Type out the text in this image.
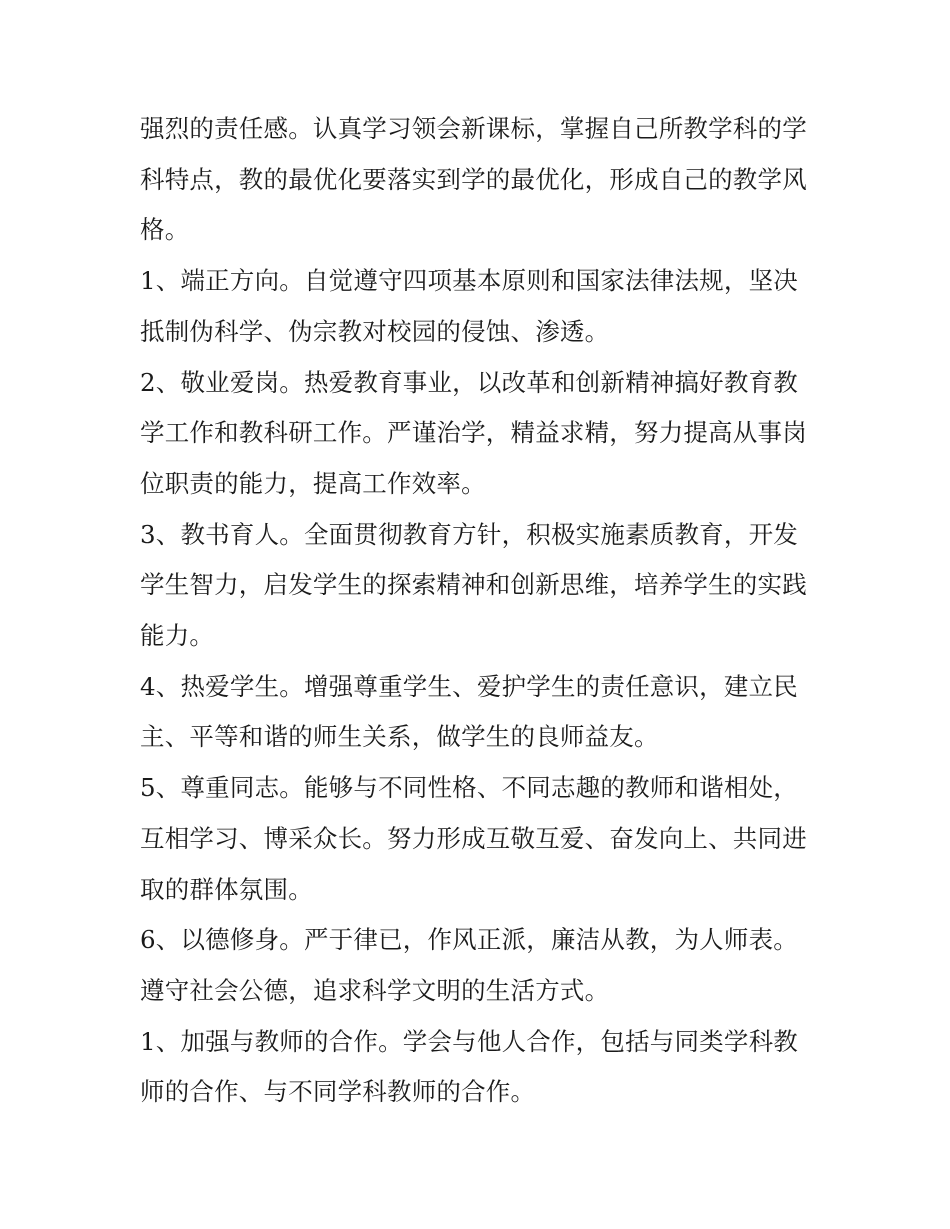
强烈的责任感。认真学习领会新课标，掌握自己所教学科的学科特点，教的最优化要落实到学的最优化，形成自己的教学风格。

1、端正方向。自觉遵守四项基本原则和国家法律法规，坚决抵制伪科学、伪宗教对校园的侵蚀、渗透。

2、敬业爱岗。热爱教育事业，以改革和创新精神搞好教育教学工作和教科研工作。严谨治学，精益求精，努力提高从事岗位职责的能力，提高工作效率。

3、教书育人。全面贯彻教育方针，积极实施素质教育，开发学生智力，启发学生的探索精神和创新思维，培养学生的实践能力。

4、热爱学生。增强尊重学生、爱护学生的责任意识，建立民主、平等和谐的师生关系，做学生的良师益友。

5、尊重同志。能够与不同性格、不同志趣的教师和谐相处，互相学习、博采众长。努力形成互敬互爱、奋发向上、共同进取的群体氛围。

6、以德修身。严于律已，作风正派，廉洁从教，为人师表。遵守社会公德，追求科学文明的生活方式。

1、加强与教师的合作。学会与他人合作，包括与同类学科教师的合作、与不同学科教师的合作。
